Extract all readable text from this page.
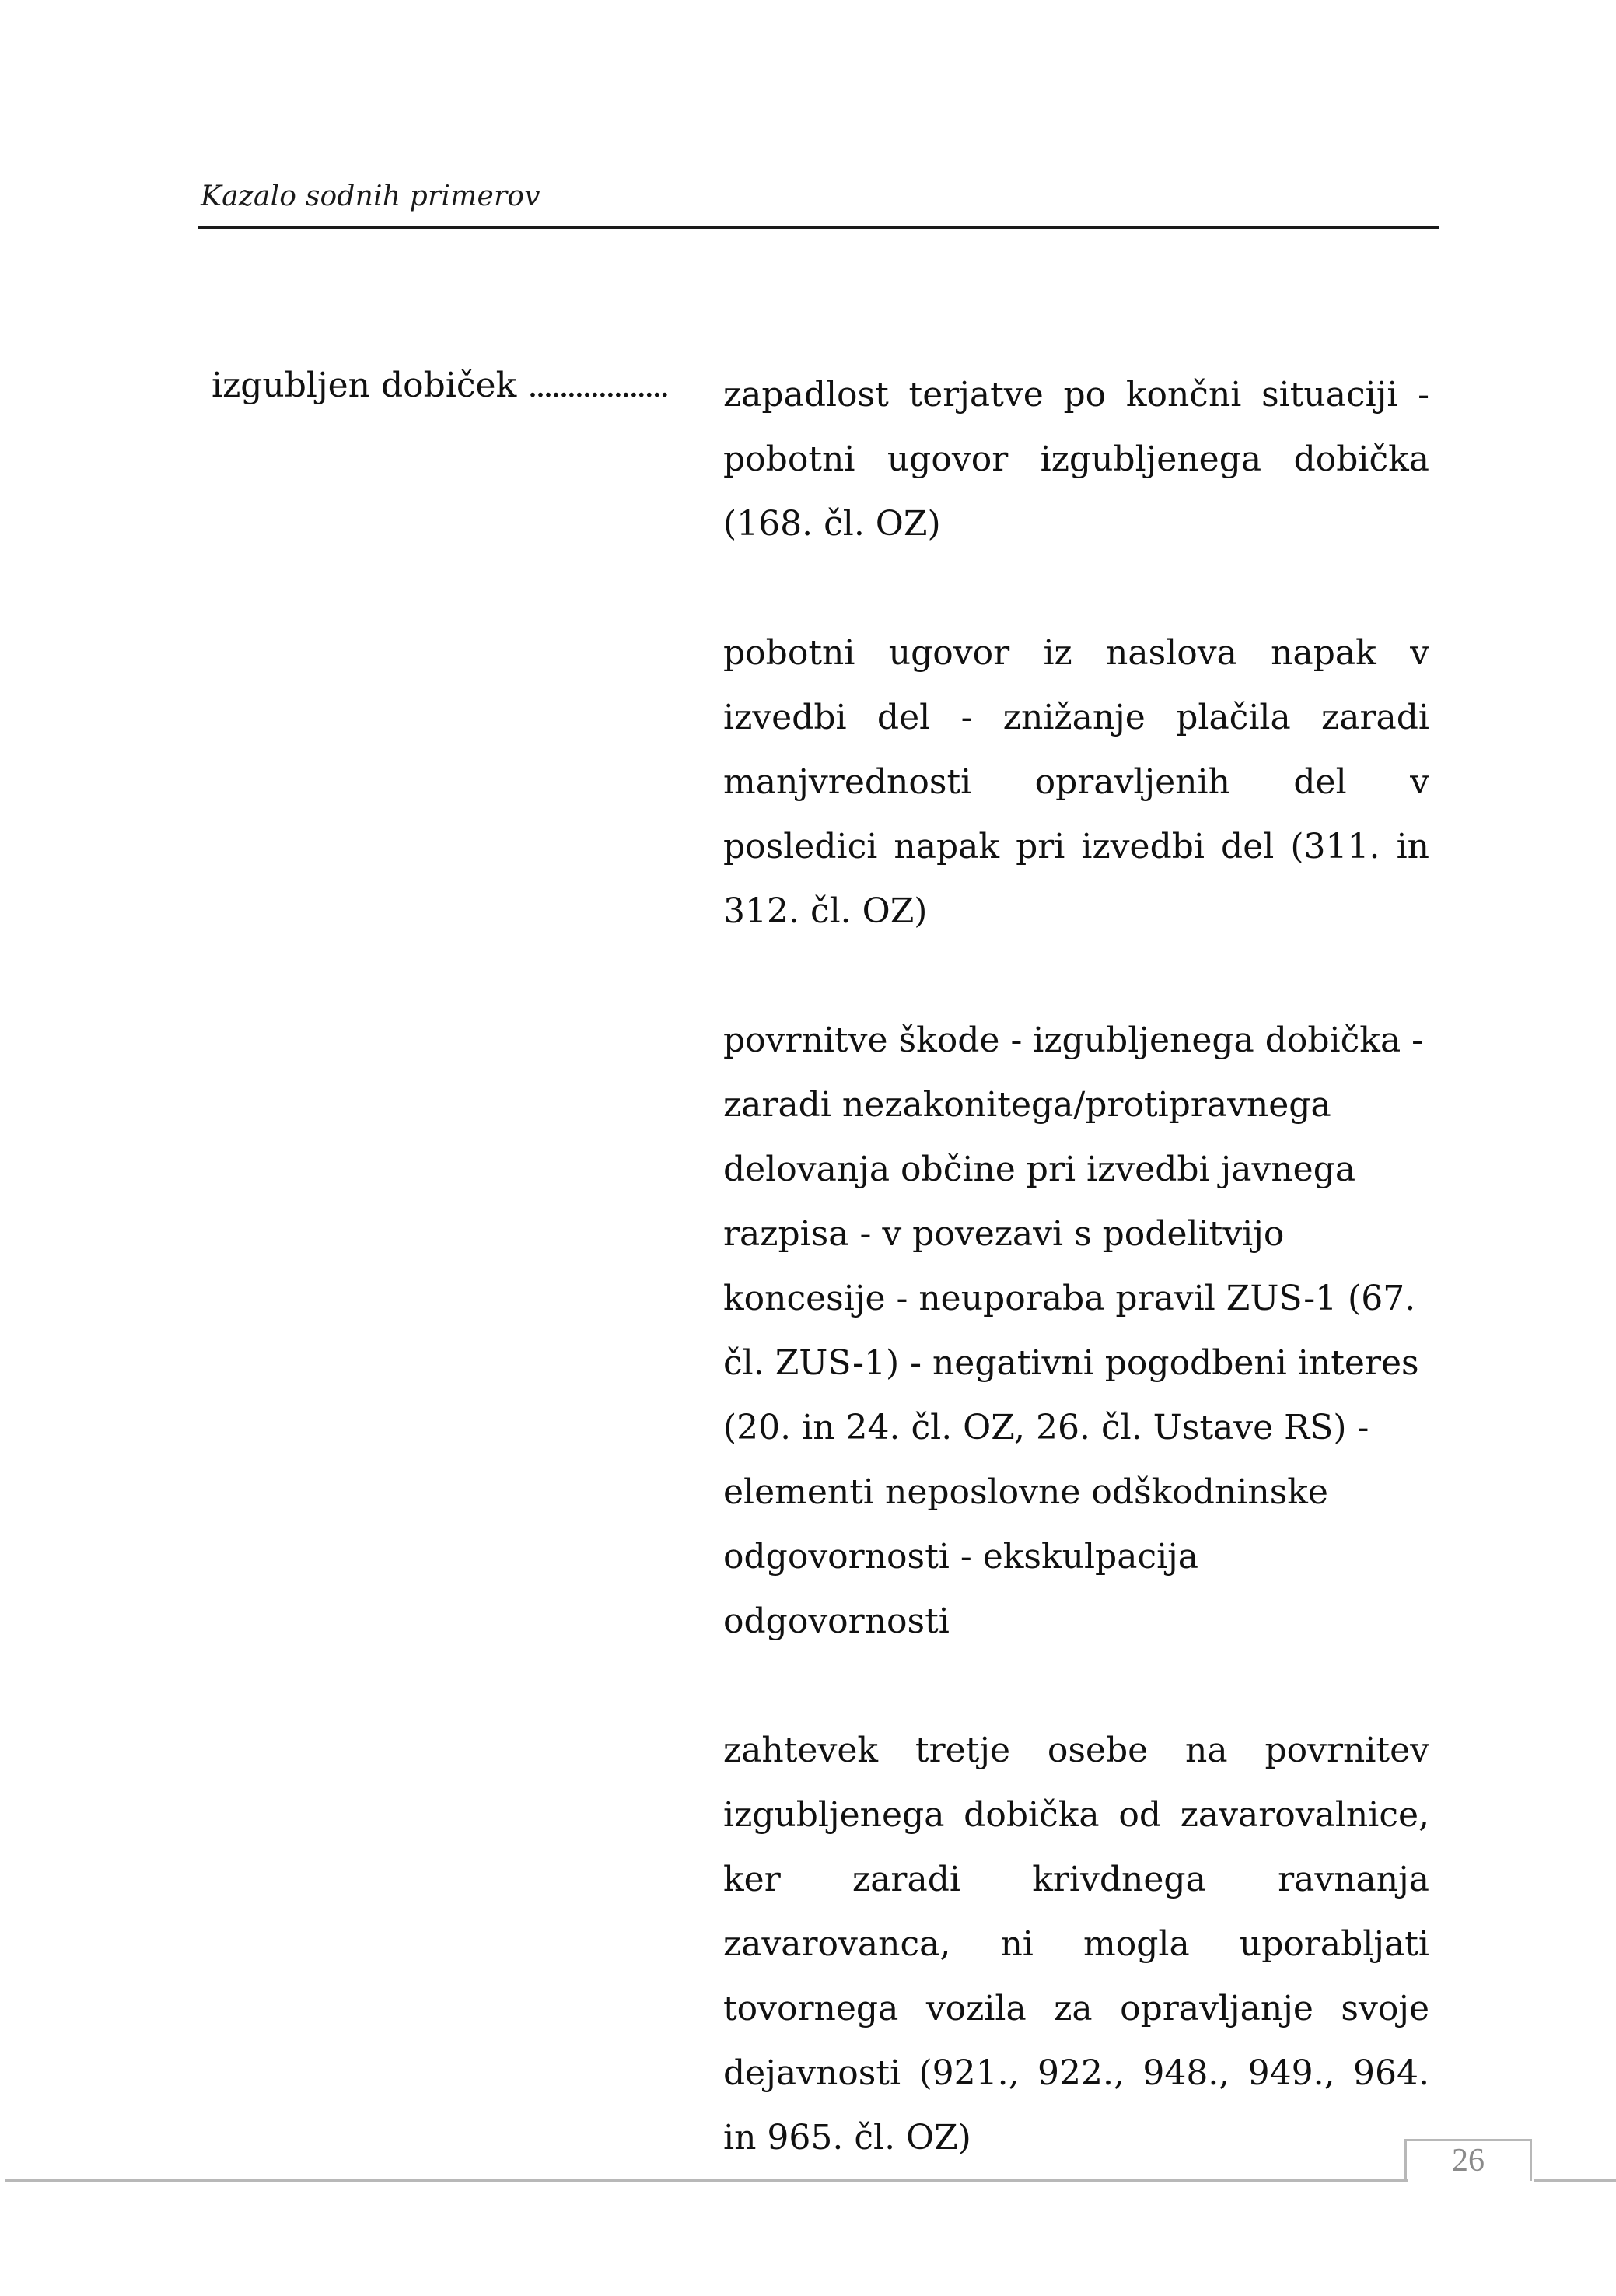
Kazalo sodnih primerov
izgubljen dobiček ..................	zapadlost terjatve po končni situaciji - pobotni ugovor izgubljenega dobička (168. čl. OZ)

pobotni ugovor iz naslova napak v izvedbi del - znižanje plačila zaradi manjvrednosti opravljenih del v posledici napak pri izvedbi del (311. in 312. čl. OZ)

povrnitve škode - izgubljenega dobička - zaradi nezakonitega/protipravnega delovanja občine pri izvedbi javnega razpisa - v povezavi s podelitvijo koncesije - neuporaba pravil ZUS-1 (67. čl. ZUS-1) - negativni pogodbeni interes (20. in 24. čl. OZ, 26. čl. Ustave RS) - elementi neposlovne odškodninske odgovornosti - ekskulpacija odgovornosti

zahtevek tretje osebe na povrnitev izgubljenega dobička od zavarovalnice, ker zaradi krivdnega ravnanja zavarovanca, ni mogla uporabljati tovornega vozila za opravljanje svoje dejavnosti (921., 922., 948., 949., 964. in 965. čl. OZ)

26
